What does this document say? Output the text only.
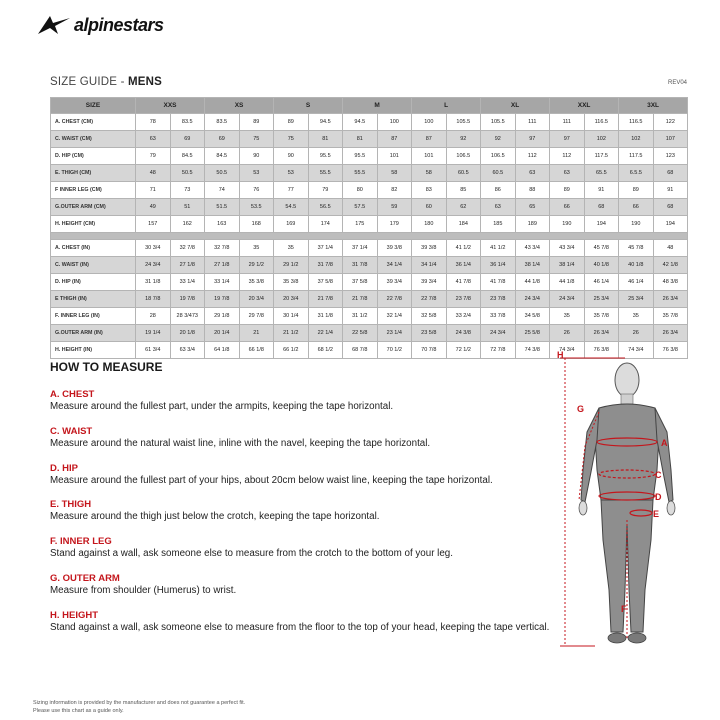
alpinestars
SIZE GUIDE - MENS	REV04
SIZE	XXS		XS		S		M		L		XL		XXL		3XL	
A. CHEST (CM)	78	83.5	83.5	89	89	94.5	94.5	100	100	105.5	105.5	111	111	116.5	116.5	122
C. WAIST (CM)	63	69	69	75	75	81	81	87	87	92	92	97	97	102	102	107
D. HIP (CM)	79	84.5	84.5	90	90	95.5	95.5	101	101	106.5	106.5	112	112	117.5	117.5	123
E. THIGH (CM)	48	50.5	50.5	53	53	55.5	55.5	58	58	60.5	60.5	63	63	65.5	6.5.5	68
F INNER LEG (CM)	71	73	74	76	77	79	80	82	83	85	86	88	89	91	89	91
G.OUTER ARM (CM)	49	51	51.5	53.5	54.5	56.5	57.5	59	60	62	63	65	66	68	66	68
H. HEIGHT (CM)	157	162	163	168	169	174	175	179	180	184	185	189	190	194	190	194

A. CHEST (IN)	30 3/4	32 7/8	32 7/8	35	35	37 1/4	37 1/4	39 3/8	39 3/8	41 1/2	41 1/2	43 3/4	43 3/4	45 7/8	45 7/8	48
C. WAIST (IN)	24 3/4	27 1/8	27 1/8	29 1/2	29 1/2	31 7/8	31 7/8	34 1/4	34 1/4	36 1/4	36 1/4	38 1/4	38 1/4	40 1/8	40 1/8	42 1/8
D. HIP (IN)	31 1/8	33 1/4	33 1/4	35 3/8	35 3/8	37 5/8	37 5/8	39 3/4	39 3/4	41 7/8	41 7/8	44 1/8	44 1/8	46 1/4	46 1/4	48 3/8
E THIGH (IN)	18 7/8	19 7/8	19 7/8	20 3/4	20 3/4	21 7/8	21 7/8	22 7/8	22 7/8	23 7/8	23 7/8	24 3/4	24 3/4	25 3/4	25 3/4	26 3/4
F. INNER LEG (IN)	28	28 3/473	29 1/8	29 7/8	30 1/4	31 1/8	31 1/2	32 1/4	32 5/8	33 2/4	33 7/8	34 5/8	35	35 7/8	35	35 7/8
G.OUTER ARM (IN)	19 1/4	20 1/8	20 1/4	21	21 1/2	22 1/4	22 5/8	23 1/4	23 5/8	24 3/8	24 3/4	25 5/8	26	26 3/4	26	26 3/4
H. HEIGHT (IN)	61 3/4	63 3/4	64 1/8	66 1/8	66 1/2	68 1/2	68 7/8	70 1/2	70 7/8	72 1/2	72 7/8	74 3/8	74 3/4	76 3/8	74 3/4	76 3/8
HOW TO MEASURE
A. CHEST
Measure around the fullest part, under the armpits, keeping the tape horizontal.
C. WAIST
Measure around the natural waist line, inline with the navel, keeping the tape horizontal.
D. HIP
Measure around the fullest part of your hips, about 20cm below waist line, keeping the tape horizontal.
E. THIGH
Measure around the thigh just below the crotch, keeping the tape horizontal.
F. INNER LEG
Stand against a wall, ask someone else to measure from the crotch to the bottom of your leg.
G. OUTER ARM
Measure from shoulder (Humerus) to wrist.
H. HEIGHT
Stand against a wall, ask someone else to measure from the floor to the top of your head, keeping the tape vertical.
H
G
A
C
D
E
F
Sizing information is provided by the manufacturer and does not guarantee a perfect fit.
Please use this chart as a guide only.
